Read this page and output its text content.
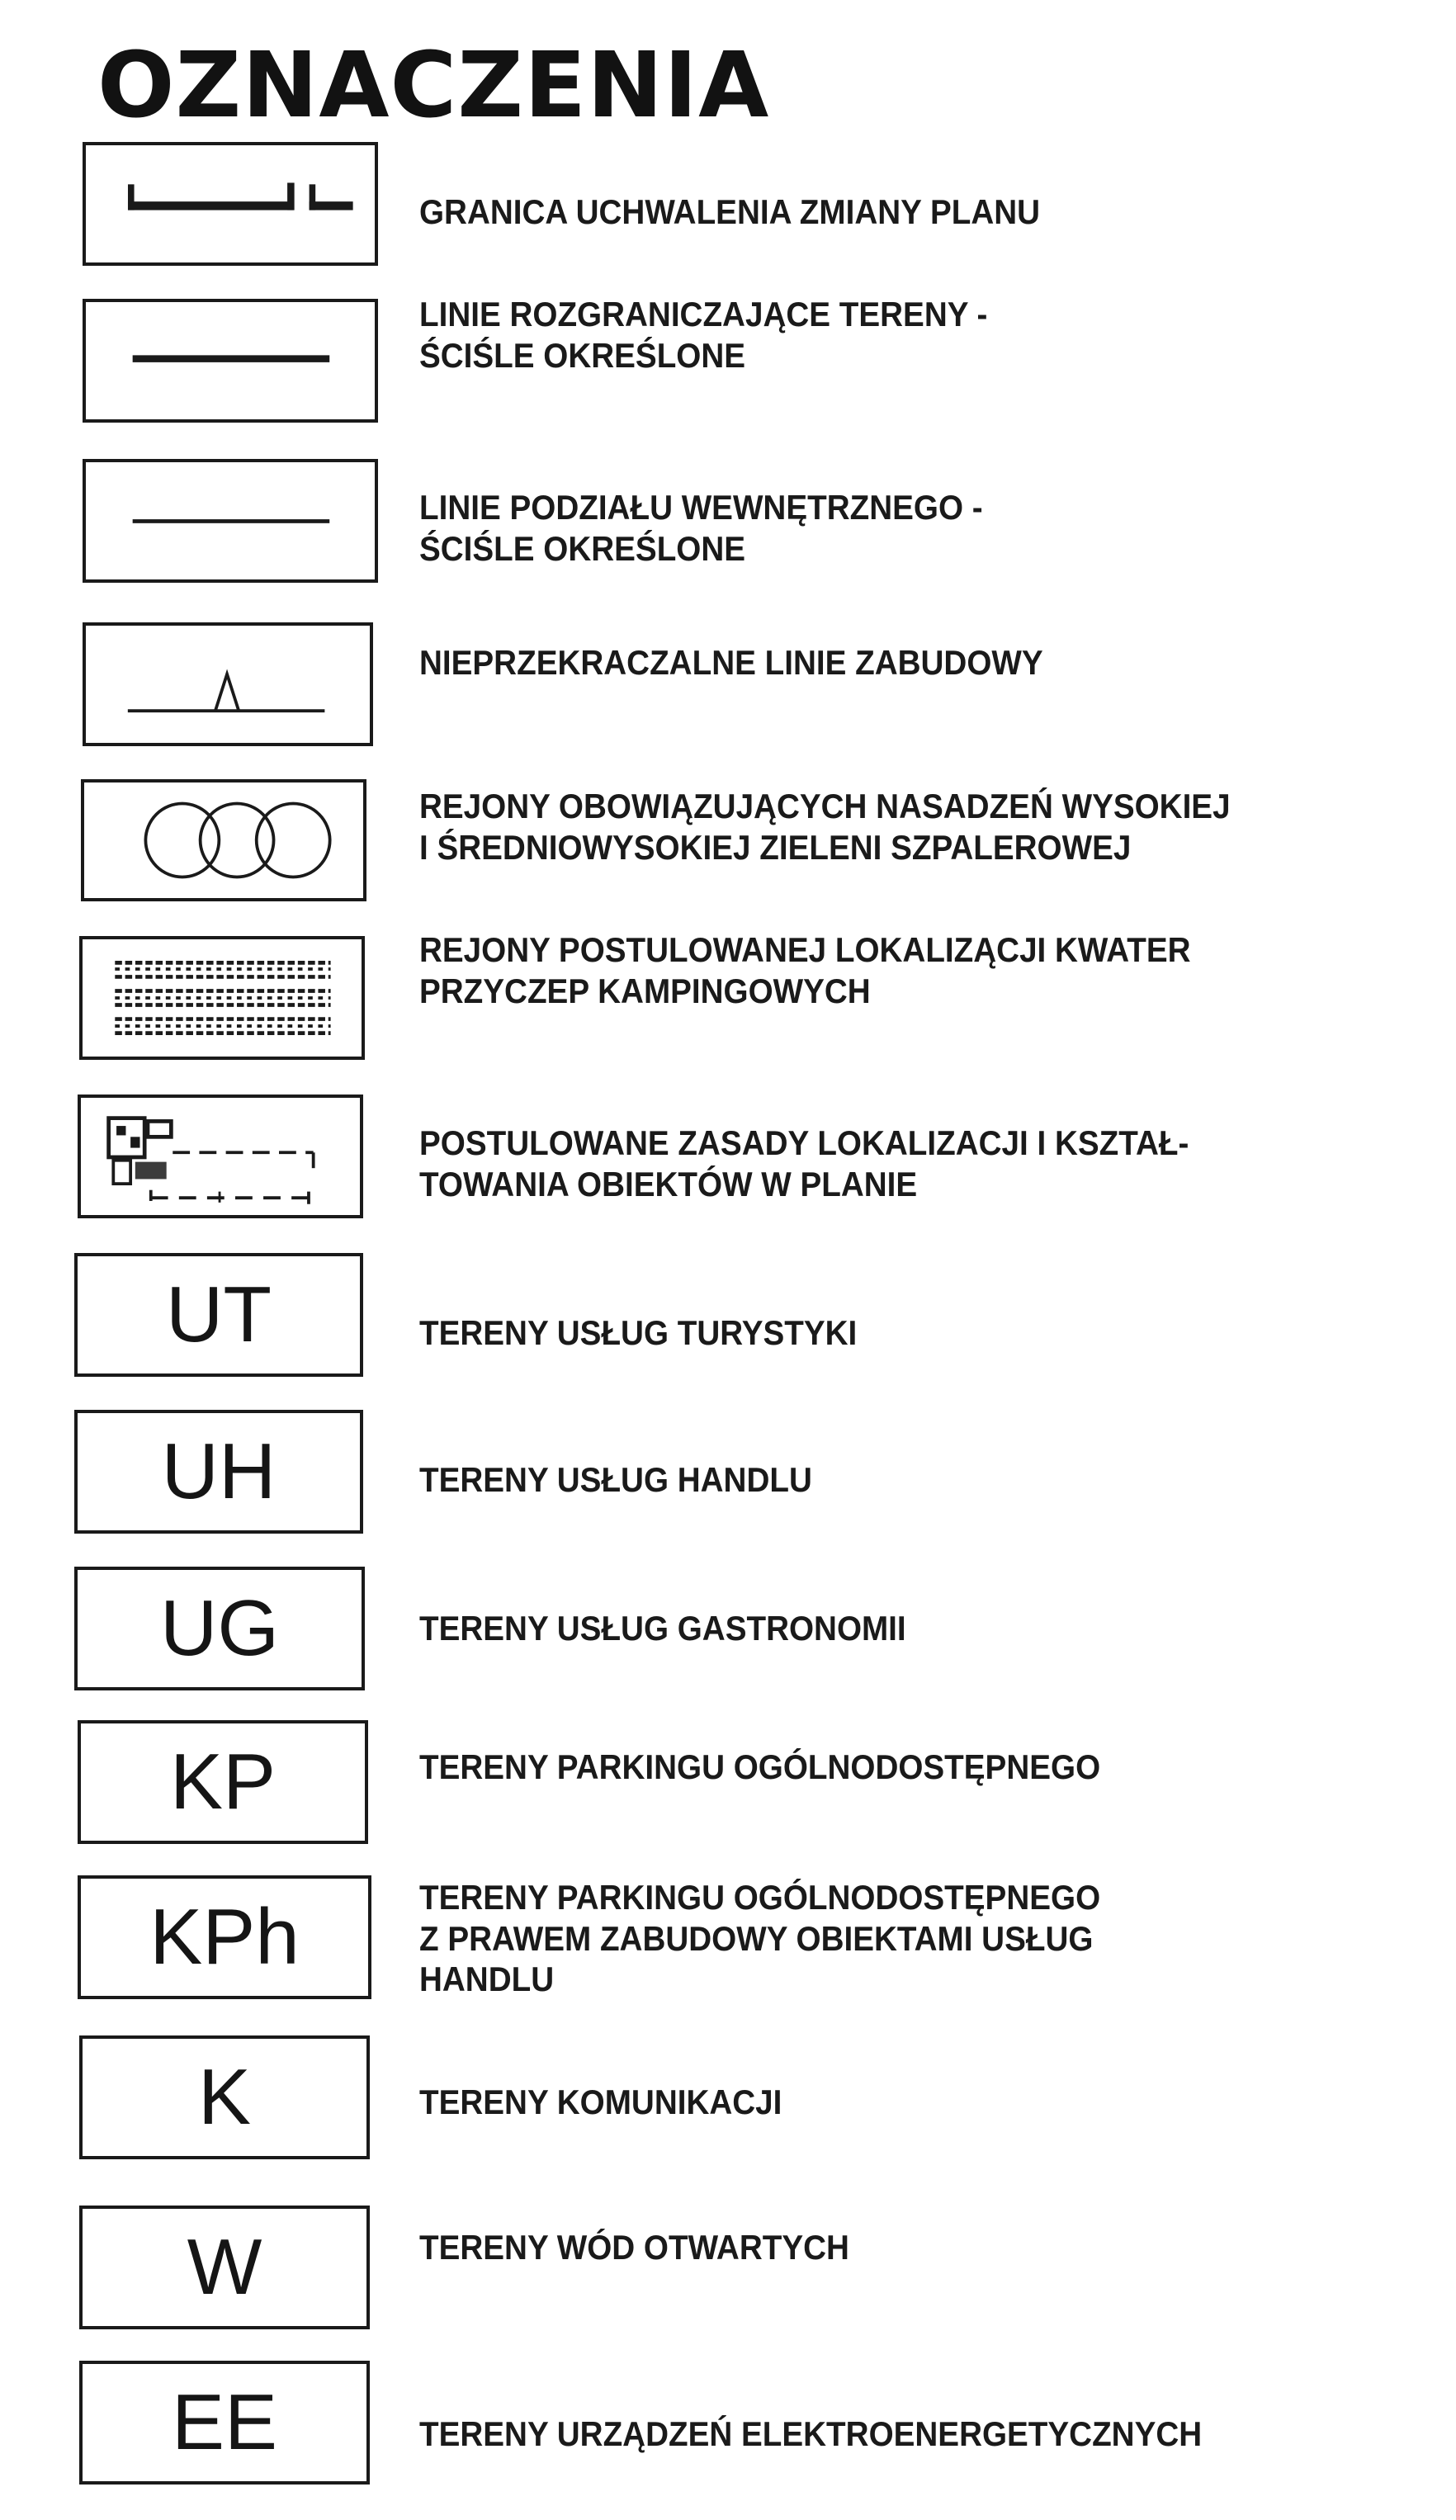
OZNACZENIA
GRANICA UCHWALENIA ZMIANY PLANU
LINIE ROZGRANICZAJĄCE TERENY -
ŚCIŚLE OKREŚLONE
LINIE PODZIAŁU WEWNĘTRZNEGO -
ŚCIŚLE OKREŚLONE
NIEPRZEKRACZALNE LINIE ZABUDOWY
REJONY OBOWIĄZUJĄCYCH NASADZEŃ WYSOKIEJ
I ŚREDNIOWYSOKIEJ ZIELENI SZPALEROWEJ
REJONY POSTULOWANEJ LOKALIZĄCJI KWATER
PRZYCZEP KAMPINGOWYCH
POSTULOWANE ZASADY LOKALIZACJI I KSZTAŁ-
TOWANIA OBIEKTÓW W PLANIE
UT	TERENY USŁUG TURYSTYKI
UH	TERENY USŁUG HANDLU
UG	TERENY USŁUG GASTRONOMII
KP	TERENY PARKINGU OGÓLNODOSTĘPNEGO
KPh	TERENY PARKINGU OGÓLNODOSTĘPNEGO
Z PRAWEM ZABUDOWY OBIEKTAMI USŁUG
HANDLU
K	TERENY KOMUNIKACJI
W	TERENY WÓD OTWARTYCH
EE	TERENY URZĄDZEŃ ELEKTROENERGETYCZNYCH
